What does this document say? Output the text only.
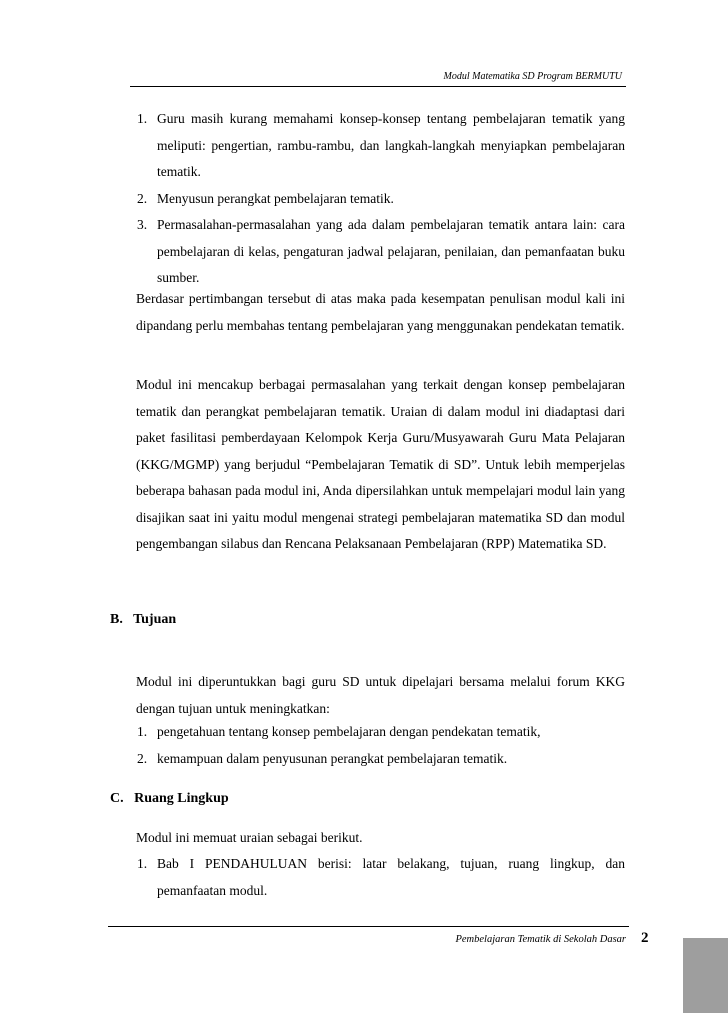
Modul Matematika SD Program BERMUTU
1. Guru masih kurang memahami konsep-konsep tentang pembelajaran tematik yang meliputi: pengertian, rambu-rambu, dan langkah-langkah menyiapkan pembelajaran tematik.
2. Menyusun perangkat pembelajaran tematik.
3. Permasalahan-permasalahan yang ada dalam pembelajaran tematik antara lain: cara pembelajaran di kelas, pengaturan jadwal pelajaran, penilaian, dan pemanfaatan buku sumber.

Berdasar pertimbangan tersebut di atas maka pada kesempatan penulisan modul kali ini dipandang perlu membahas tentang pembelajaran yang menggunakan pendekatan tematik.

Modul ini mencakup berbagai permasalahan yang terkait dengan konsep pembelajaran tematik dan perangkat pembelajaran tematik. Uraian di dalam modul ini diadaptasi dari paket fasilitasi pemberdayaan Kelompok Kerja Guru/Musyawarah Guru Mata Pelajaran (KKG/MGMP) yang berjudul “Pembelajaran Tematik di SD”. Untuk lebih memperjelas beberapa bahasan pada modul ini, Anda dipersilahkan untuk mempelajari modul lain yang disajikan saat ini yaitu modul mengenai strategi pembelajaran matematika SD dan modul pengembangan silabus dan Rencana Pelaksanaan Pembelajaran (RPP) Matematika SD.

B.   Tujuan

Modul ini diperuntukkan bagi guru SD untuk dipelajari bersama melalui forum KKG dengan tujuan untuk meningkatkan:

1. pengetahuan tentang konsep pembelajaran dengan pendekatan tematik,
2. kemampuan dalam penyusunan perangkat pembelajaran tematik.
C.   Ruang Lingkup

Modul ini memuat uraian sebagai berikut.

1. Bab I PENDAHULUAN berisi: latar belakang, tujuan, ruang lingkup, dan pemanfaatan modul.
Pembelajaran Tematik di Sekolah Dasar 2
